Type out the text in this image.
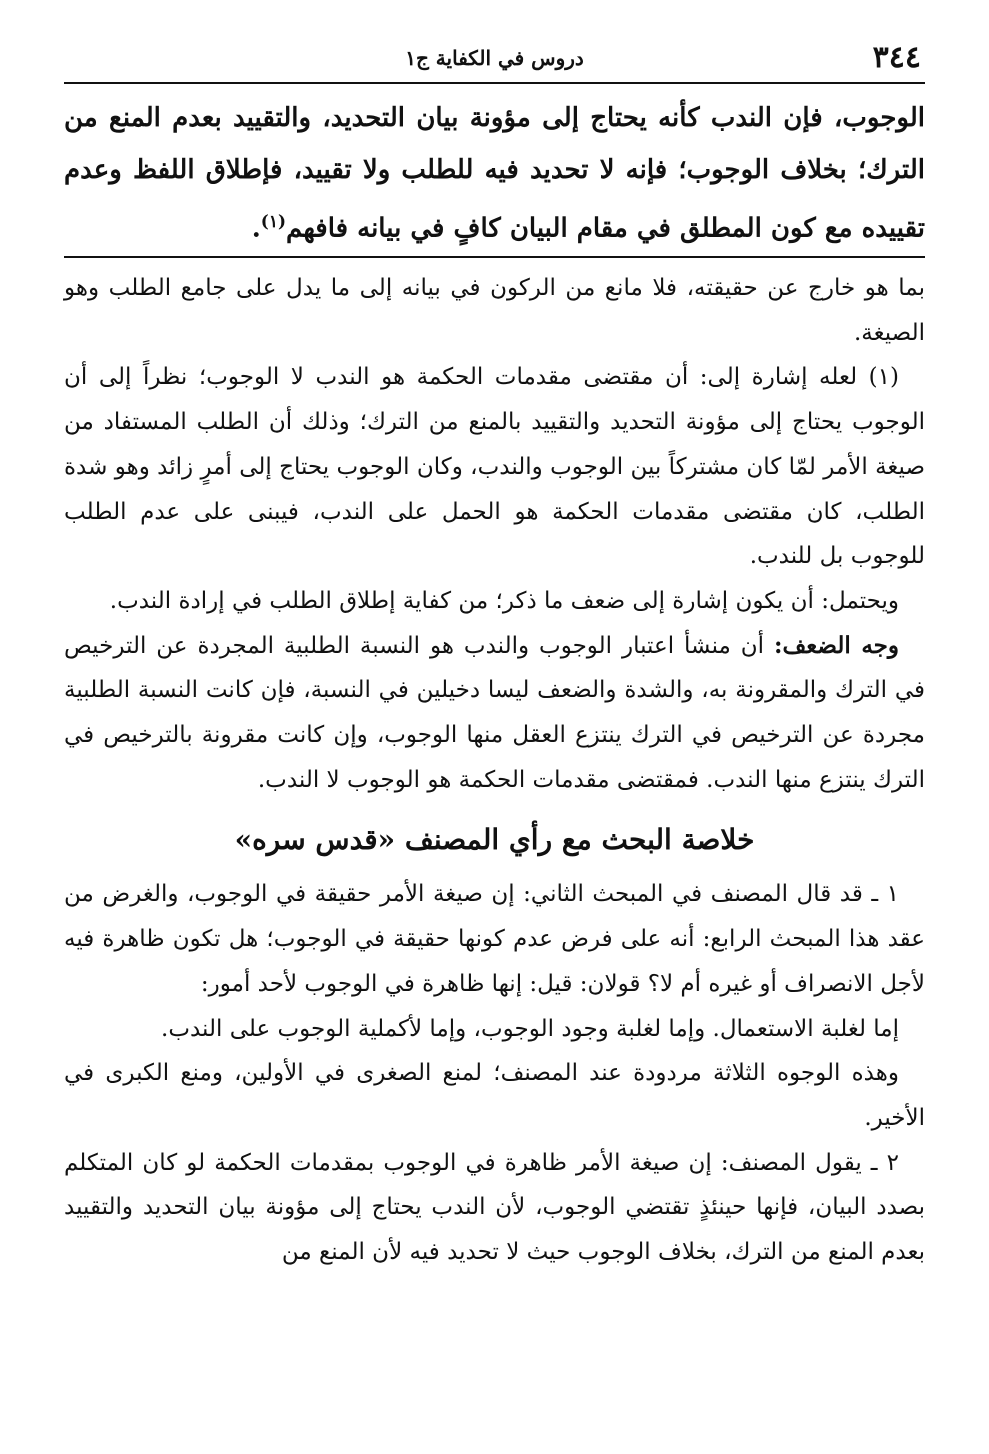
٣٤٤
دروس في الكفاية ج١
الوجوب، فإن الندب كأنه يحتاج إلى مؤونة بيان التحديد، والتقييد بعدم المنع من الترك؛ بخلاف الوجوب؛ فإنه لا تحديد فيه للطلب ولا تقييد، فإطلاق اللفظ وعدم تقييده مع كون المطلق في مقام البيان كافٍ في بيانه فافهم$^{(١)}$.

بما هو خارج عن حقيقته، فلا مانع من الركون في بيانه إلى ما يدل على جامع الطلب وهو الصيغة.

(١) لعله إشارة إلى: أن مقتضى مقدمات الحكمة هو الندب لا الوجوب؛ نظراً إلى أن الوجوب يحتاج إلى مؤونة التحديد والتقييد بالمنع من الترك؛ وذلك أن الطلب المستفاد من صيغة الأمر لمّا كان مشتركاً بين الوجوب والندب، وكان الوجوب يحتاج إلى أمرٍ زائد وهو شدة الطلب، كان مقتضى مقدمات الحكمة هو الحمل على الندب، فيبنى على عدم الطلب للوجوب بل للندب.

ويحتمل: أن يكون إشارة إلى ضعف ما ذكر؛ من كفاية إطلاق الطلب في إرادة الندب.

وجه الضعف: أن منشأ اعتبار الوجوب والندب هو النسبة الطلبية المجردة عن الترخيص في الترك والمقرونة به، والشدة والضعف ليسا دخيلين في النسبة، فإن كانت النسبة الطلبية مجردة عن الترخيص في الترك ينتزع العقل منها الوجوب، وإن كانت مقرونة بالترخيص في الترك ينتزع منها الندب. فمقتضى مقدمات الحكمة هو الوجوب لا الندب.

خلاصة البحث مع رأي المصنف «قدس سره»

١ ـ قد قال المصنف في المبحث الثاني: إن صيغة الأمر حقيقة في الوجوب، والغرض من عقد هذا المبحث الرابع: أنه على فرض عدم كونها حقيقة في الوجوب؛ هل تكون ظاهرة فيه لأجل الانصراف أو غيره أم لا؟ قولان: قيل: إنها ظاهرة في الوجوب لأحد أمور:

إما لغلبة الاستعمال. وإما لغلبة وجود الوجوب، وإما لأكملية الوجوب على الندب.

وهذه الوجوه الثلاثة مردودة عند المصنف؛ لمنع الصغرى في الأولين، ومنع الكبرى في الأخير.

٢ ـ يقول المصنف: إن صيغة الأمر ظاهرة في الوجوب بمقدمات الحكمة لو كان المتكلم بصدد البيان، فإنها حينئذٍ تقتضي الوجوب، لأن الندب يحتاج إلى مؤونة بيان التحديد والتقييد بعدم المنع من الترك، بخلاف الوجوب حيث لا تحديد فيه لأن المنع من
